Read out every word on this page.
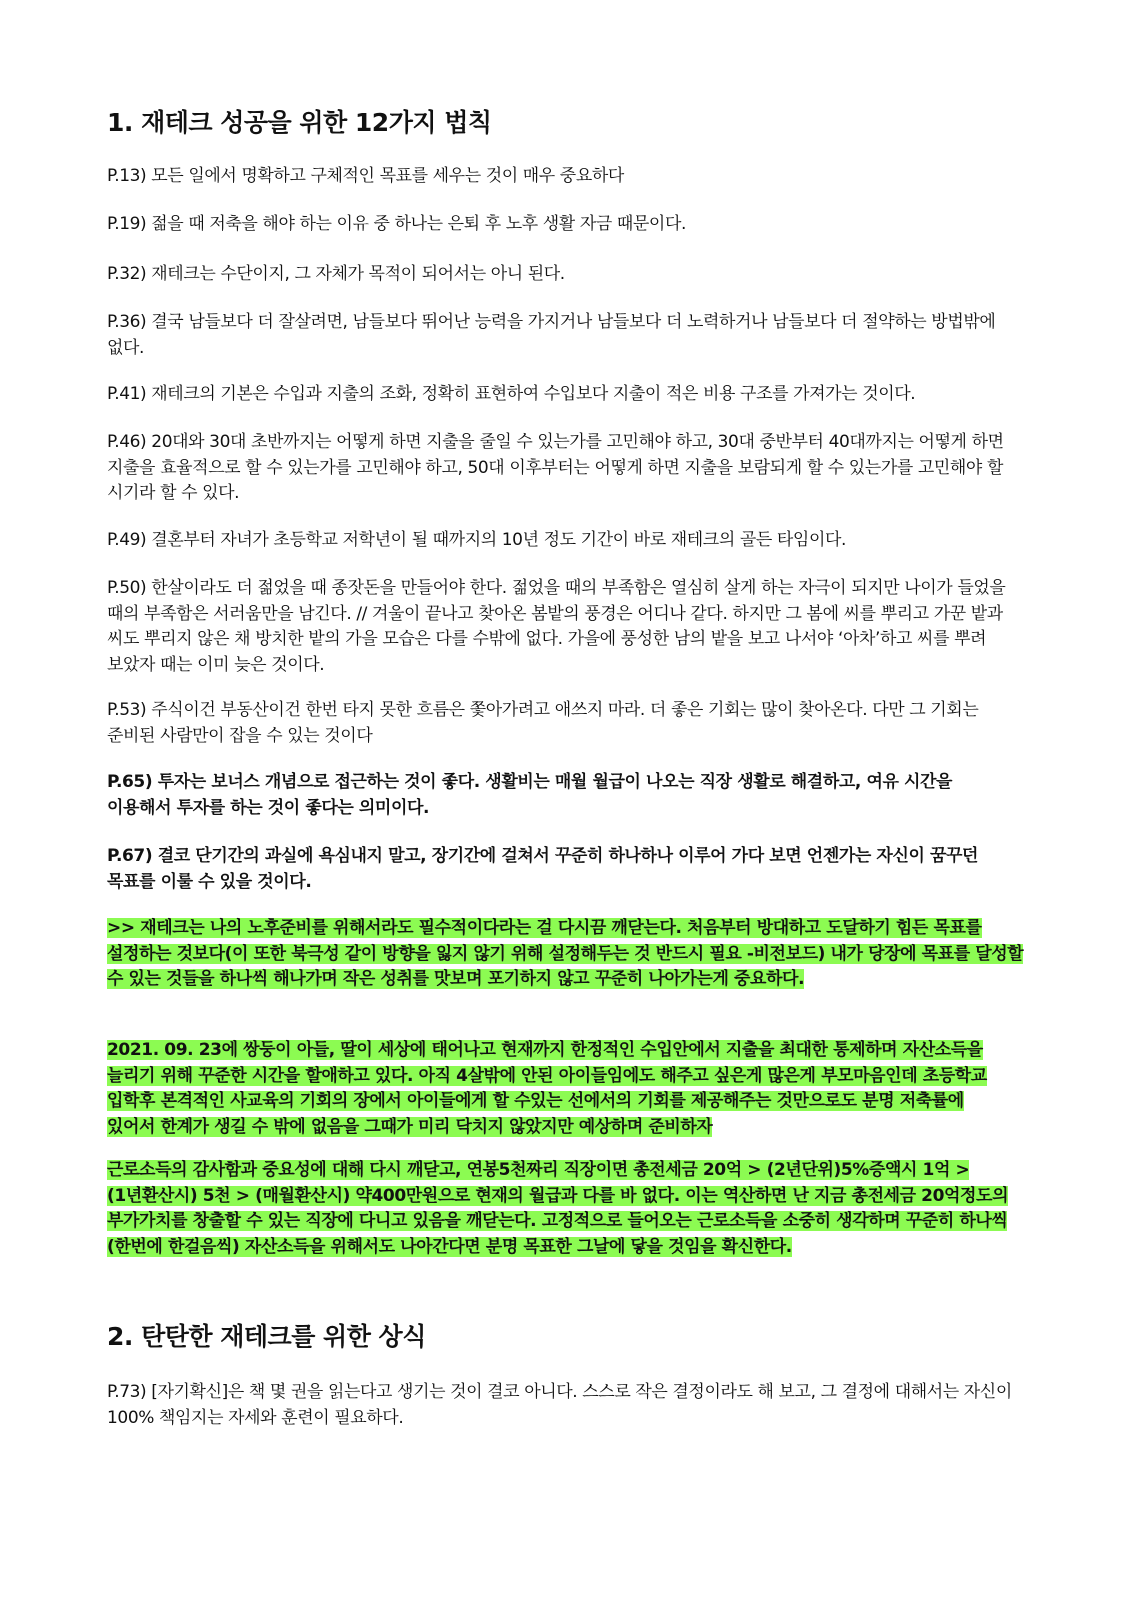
1. 재테크 성공을 위한 12가지 법칙

P.13) 모든 일에서 명확하고 구체적인 목표를 세우는 것이 매우 중요하다

P.19) 젊을 때 저축을 해야 하는 이유 중 하나는 은퇴 후 노후 생활 자금 때문이다.

P.32) 재테크는 수단이지, 그 자체가 목적이 되어서는 아니 된다.

P.36) 결국 남들보다 더 잘살려면, 남들보다 뛰어난 능력을 가지거나 남들보다 더 노력하거나 남들보다 더 절약하는 방법밖에 없다.

P.41) 재테크의 기본은 수입과 지출의 조화, 정확히 표현하여 수입보다 지출이 적은 비용 구조를 가져가는 것이다.

P.46) 20대와 30대 초반까지는 어떻게 하면 지출을 줄일 수 있는가를 고민해야 하고, 30대 중반부터 40대까지는 어떻게 하면 지출을 효율적으로 할 수 있는가를 고민해야 하고, 50대 이후부터는 어떻게 하면 지출을 보람되게 할 수 있는가를 고민해야 할 시기라 할 수 있다.

P.49) 결혼부터 자녀가 초등학교 저학년이 될 때까지의 10년 정도 기간이 바로 재테크의 골든 타임이다.

P.50) 한살이라도 더 젊었을 때 종잣돈을 만들어야 한다. 젊었을 때의 부족함은 열심히 살게 하는 자극이 되지만 나이가 들었을 때의 부족함은 서러움만을 남긴다. // 겨울이 끝나고 찾아온 봄밭의 풍경은 어디나 같다. 하지만 그 봄에 씨를 뿌리고 가꾼 밭과 씨도 뿌리지 않은 채 방치한 밭의 가을 모습은 다를 수밖에 없다. 가을에 풍성한 남의 밭을 보고 나서야 ‘아차’하고 씨를 뿌려 보았자 때는 이미 늦은 것이다.

P.53) 주식이건 부동산이건 한번 타지 못한 흐름은 쫓아가려고 애쓰지 마라. 더 좋은 기회는 많이 찾아온다. 다만 그 기회는 준비된 사람만이 잡을 수 있는 것이다

P.65) 투자는 보너스 개념으로 접근하는 것이 좋다. 생활비는 매월 월급이 나오는 직장 생활로 해결하고, 여유 시간을 이용해서 투자를 하는 것이 좋다는 의미이다.

P.67) 결코 단기간의 과실에 욕심내지 말고, 장기간에 걸쳐서 꾸준히 하나하나 이루어 가다 보면 언젠가는 자신이 꿈꾸던 목표를 이룰 수 있을 것이다.

>> 재테크는 나의 노후준비를 위해서라도 필수적이다라는 걸 다시끔 깨닫는다. 처음부터 방대하고 도달하기 힘든 목표를 설정하는 것보다(이 또한 북극성 같이 방향을 잃지 않기 위해 설정해두는 것 반드시 필요 -비전보드) 내가 당장에 목표를 달성할 수 있는 것들을 하나씩 해나가며 작은 성취를 맛보며 포기하지 않고 꾸준히 나아가는게 중요하다.

2021. 09. 23에 쌍둥이 아들, 딸이 세상에 태어나고 현재까지 한정적인 수입안에서 지출을 최대한 통제하며 자산소득을 늘리기 위해 꾸준한 시간을 할애하고 있다. 아직 4살밖에 안된 아이들임에도 해주고 싶은게 많은게 부모마음인데 초등학교 입학후 본격적인 사교육의 기회의 장에서 아이들에게 할 수있는 선에서의 기회를 제공해주는 것만으로도 분명 저축률에 있어서 한계가 생길 수 밖에 없음을 그때가 미리 닥치지 않았지만 예상하며 준비하자

근로소득의 감사함과 중요성에 대해 다시 깨닫고, 연봉5천짜리 직장이면 총전세금 20억 > (2년단위)5%증액시 1억 > (1년환산시) 5천 > (매월환산시) 약400만원으로 현재의 월급과 다를 바 없다. 이는 역산하면 난 지금 총전세금 20억정도의 부가가치를 창출할 수 있는 직장에 다니고 있음을 깨닫는다. 고정적으로 들어오는 근로소득을 소중히 생각하며 꾸준히 하나씩(한번에 한걸음씩) 자산소득을 위해서도 나아간다면 분명 목표한 그날에 닿을 것임을 확신한다.

2. 탄탄한 재테크를 위한 상식

P.73) [자기확신]은 책 몇 권을 읽는다고 생기는 것이 결코 아니다. 스스로 작은 결정이라도 해 보고, 그 결정에 대해서는 자신이 100% 책임지는 자세와 훈련이 필요하다.
